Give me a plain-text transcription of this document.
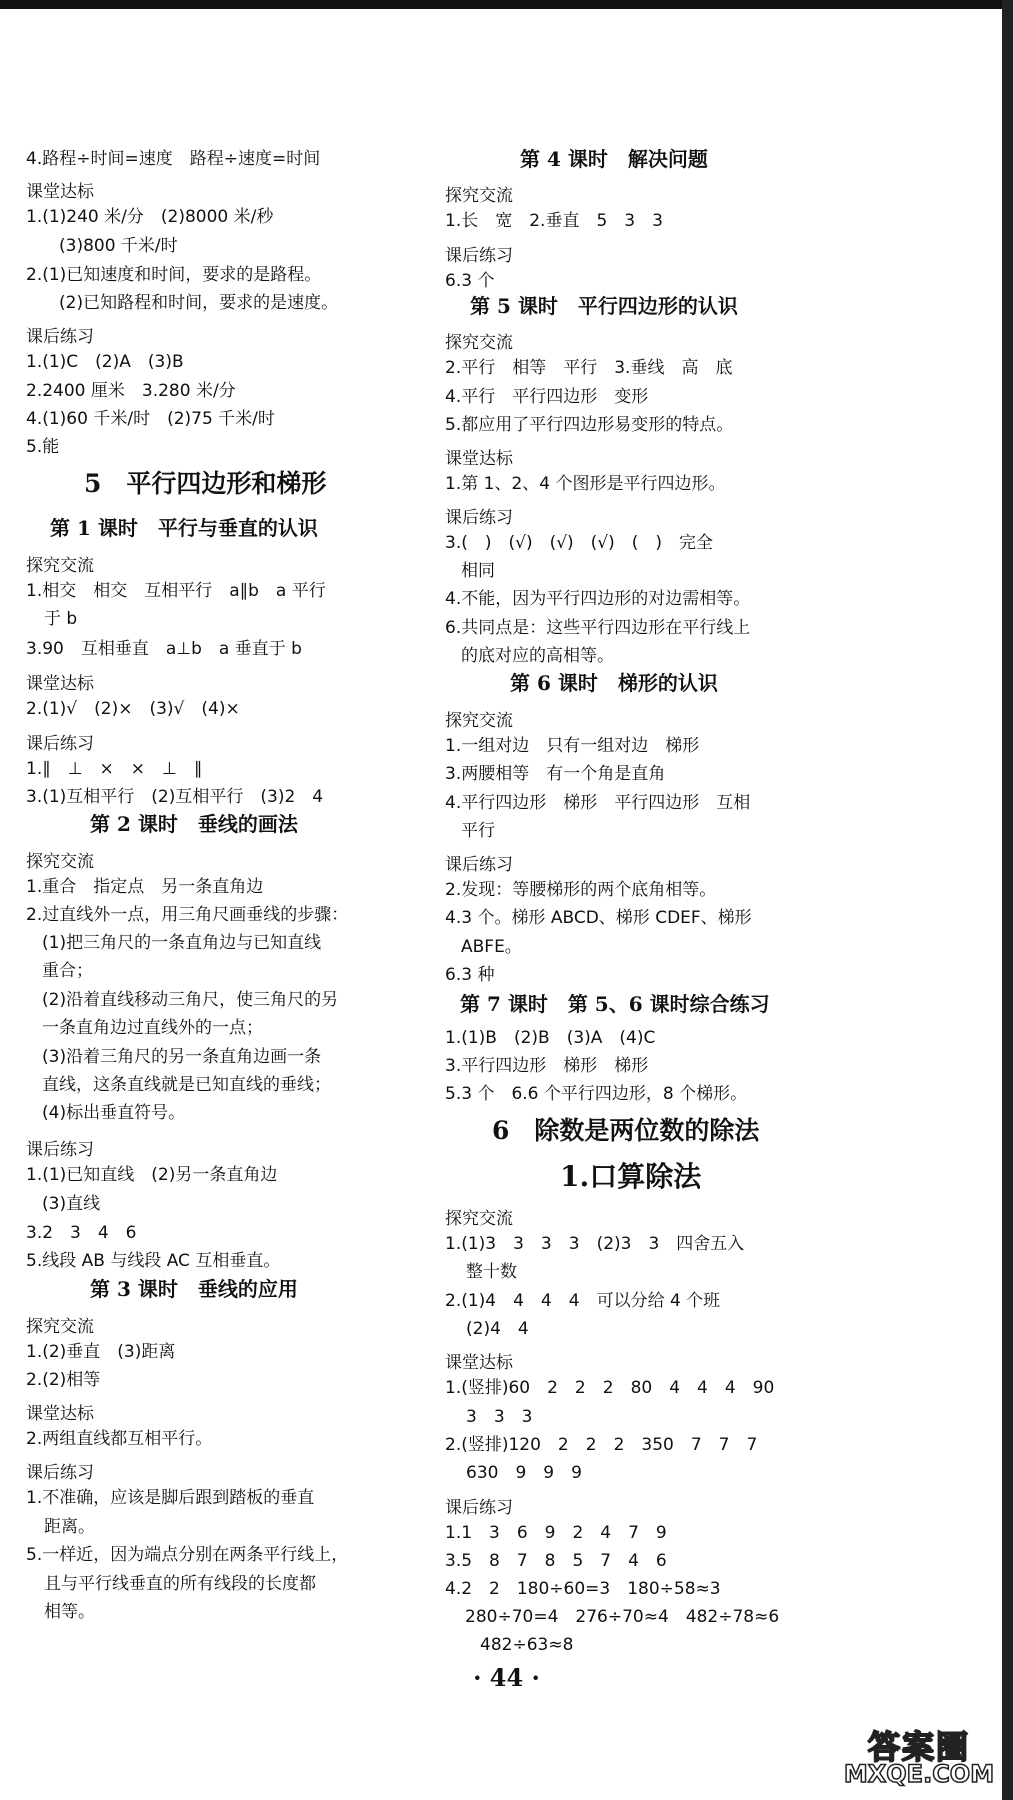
4.路程÷时间=速度　路程÷速度=时间
课堂达标
1.(1)240 米/分　(2)8000 米/秒
　(3)800 千米/时
2.(1)已知速度和时间，要求的是路程。
　(2)已知路程和时间，要求的是速度。
课后练习
1.(1)C　(2)A　(3)B
2.2400 厘米　3.280 米/分
4.(1)60 千米/时　(2)75 千米/时
5.能
5　平行四边形和梯形
第 1 课时　平行与垂直的认识
探究交流
1.相交　相交　互相平行　a∥b　a 平行
于 b
3.90　互相垂直　a⊥b　a 垂直于 b
课堂达标
2.(1)√　(2)×　(3)√　(4)×
课后练习
1.∥　⊥　×　×　⊥　∥
3.(1)互相平行　(2)互相平行　(3)2　4
第 2 课时　垂线的画法
探究交流
1.重合　指定点　另一条直角边
2.过直线外一点，用三角尺画垂线的步骤：
(1)把三角尺的一条直角边与已知直线
重合；
(2)沿着直线移动三角尺，使三角尺的另
一条直角边过直线外的一点；
(3)沿着三角尺的另一条直角边画一条
直线，这条直线就是已知直线的垂线；
(4)标出垂直符号。
课后练习
1.(1)已知直线　(2)另一条直角边
(3)直线
3.2　3　4　6
5.线段 AB 与线段 AC 互相垂直。
第 3 课时　垂线的应用
探究交流
1.(2)垂直　(3)距离
2.(2)相等
课堂达标
2.两组直线都互相平行。
课后练习
1.不准确，应该是脚后跟到踏板的垂直
距离。
5.一样近，因为端点分别在两条平行线上，
且与平行线垂直的所有线段的长度都
相等。
第 4 课时　解决问题
探究交流
1.长　宽　2.垂直　5　3　3
课后练习
6.3 个
第 5 课时　平行四边形的认识
探究交流
2.平行　相等　平行　3.垂线　高　底
4.平行　平行四边形　变形
5.都应用了平行四边形易变形的特点。
课堂达标
1.第 1、2、4 个图形是平行四边形。
课后练习
3.(　)　(√)　(√)　(√)　(　)　完全
相同
4.不能，因为平行四边形的对边需相等。
6.共同点是：这些平行四边形在平行线上
的底对应的高相等。
第 6 课时　梯形的认识
探究交流
1.一组对边　只有一组对边　梯形
3.两腰相等　有一个角是直角
4.平行四边形　梯形　平行四边形　互相
平行
课后练习
2.发现：等腰梯形的两个底角相等。
4.3 个。梯形 ABCD、梯形 CDEF、梯形
ABFE。
6.3 种
第 7 课时　第 5、6 课时综合练习
1.(1)B　(2)B　(3)A　(4)C
3.平行四边形　梯形　梯形
5.3 个　6.6 个平行四边形，8 个梯形。
6　除数是两位数的除法
1.口算除法
探究交流
1.(1)3　3　3　3　(2)3　3　四舍五入
整十数
2.(1)4　4　4　4　可以分给 4 个班
(2)4　4
课堂达标
1.(竖排)60　2　2　2　80　4　4　4　90
3　3　3
2.(竖排)120　2　2　2　350　7　7　7
630　9　9　9
课后练习
1.1　3　6　9　2　4　7　9
3.5　8　7　8　5　7　4　6
4.2　2　180÷60=3　180÷58≈3
280÷70=4　276÷70≈4　482÷78≈6
482÷63≈8
· 44 ·
答案圈
MXQE.COM
